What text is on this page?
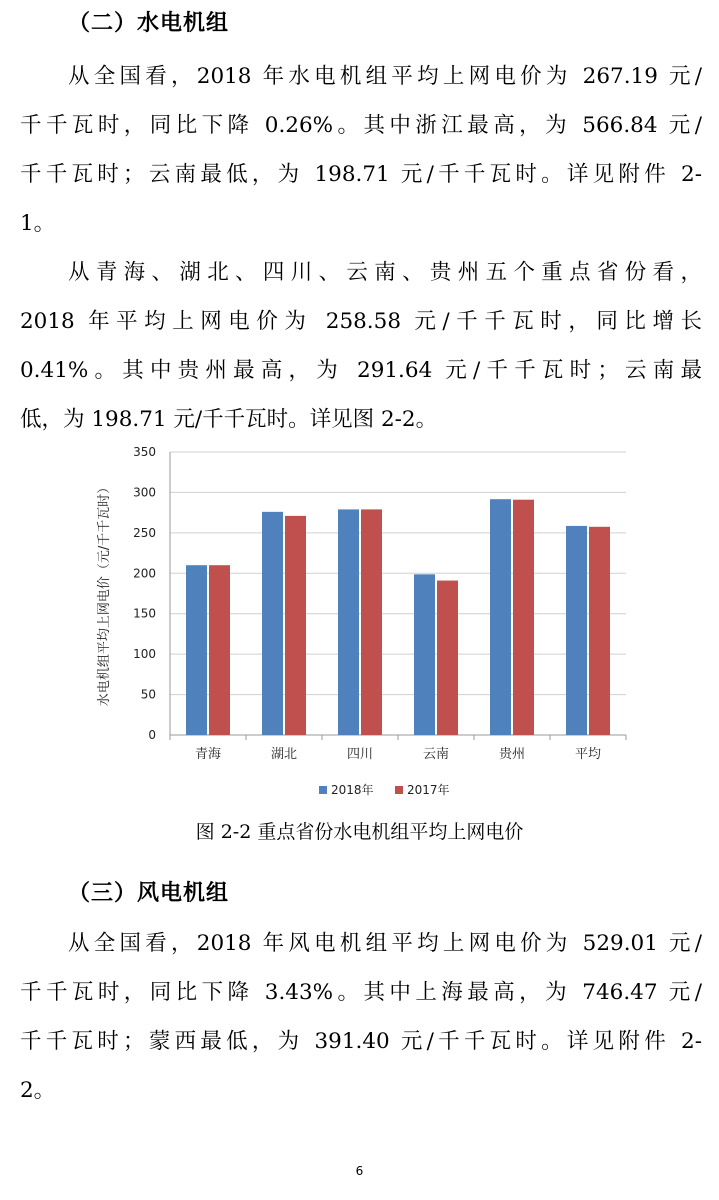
（二）水电机组
从全国看，2018 年水电机组平均上网电价为 267.19 元/
千千瓦时，同比下降 0.26%。其中浙江最高，为 566.84 元/
千千瓦时；云南最低，为 198.71 元/千千瓦时。详见附件 2-
1。
从青海、湖北、四川、云南、贵州五个重点省份看，
2018 年平均上网电价为 258.58 元/千千瓦时，同比增长
0.41%。其中贵州最高，为 291.64 元/千千瓦时；云南最
低，为 198.71 元/千千瓦时。详见图 2-2。
0
50
100
150
200
250
300
350
水电机组平均上网电价（元/千千瓦时）
青海	湖北	四川	云南	贵州	平均
2018年	2017年
图 2-2 重点省份水电机组平均上网电价
（三）风电机组
从全国看，2018 年风电机组平均上网电价为 529.01 元/
千千瓦时，同比下降 3.43%。其中上海最高，为 746.47 元/
千千瓦时；蒙西最低，为 391.40 元/千千瓦时。详见附件 2-
2。
6
